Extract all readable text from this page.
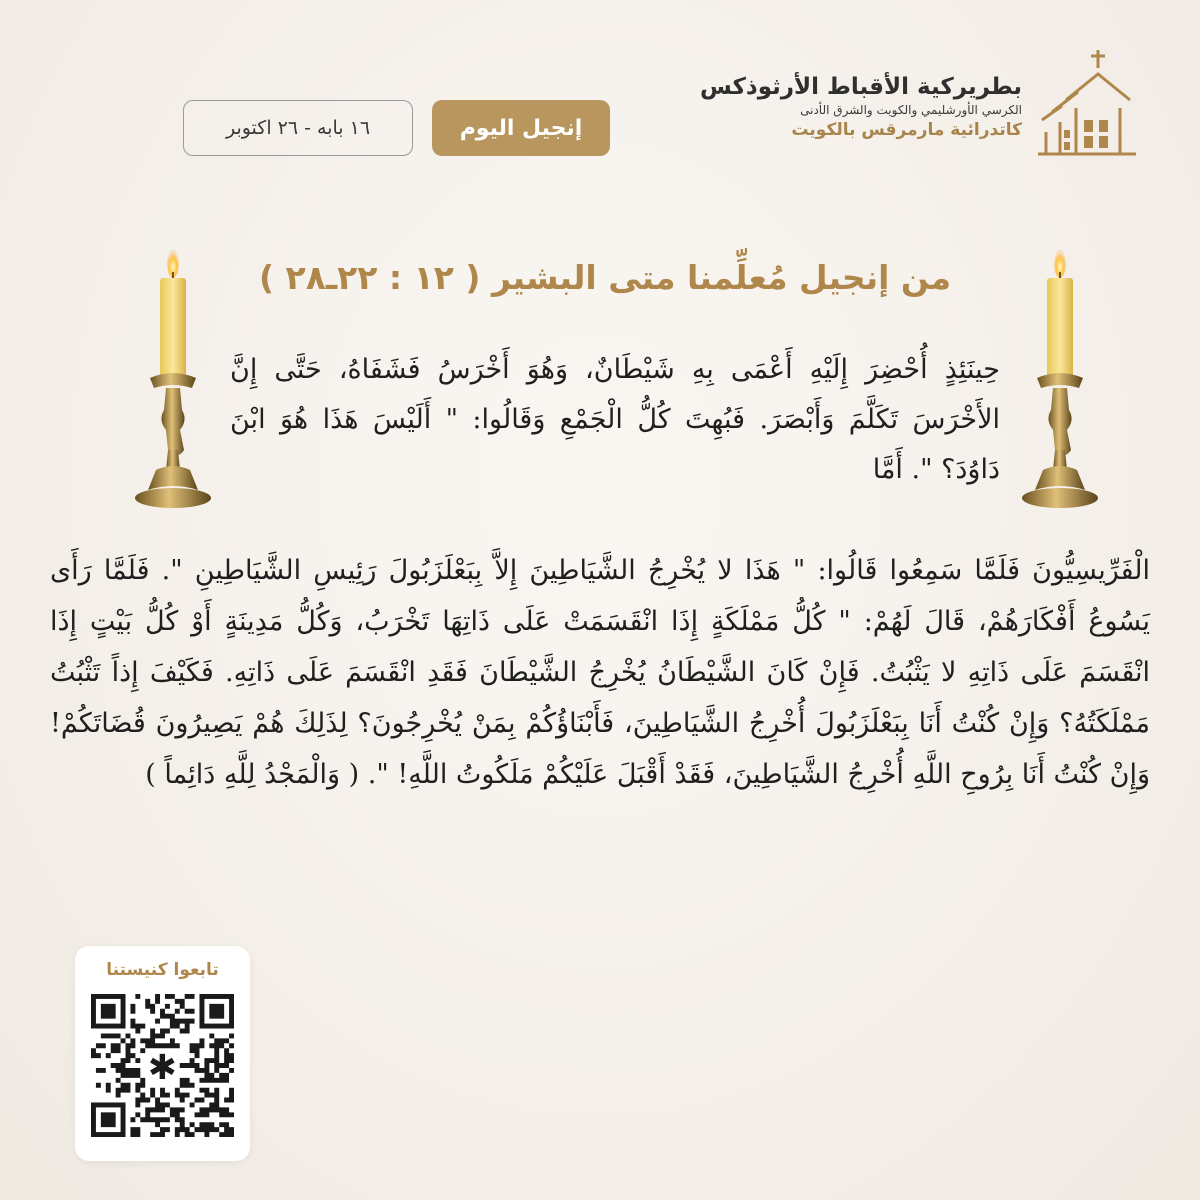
بطريركية الأقباط الأرثوذكس
الكرسي الأورشليمي والكويت والشرق الأدنى
كاتدرائية مارمرقس بالكويت
إنجيل اليوم
١٦ بابه - ٢٦ اكتوبر
من إنجيل مُعلِّمنا متى البشير ( ١٢ : ٢٢ـ٢٨ )
حِينَئِذٍ أُحْضِرَ إِلَيْهِ أَعْمَى بِهِ شَيْطَانٌ، وَهُوَ أَخْرَسُ فَشَفَاهُ، حَتَّى إِنَّ الأَخْرَسَ تَكَلَّمَ وَأَبْصَرَ. فَبُهِتَ كُلُّ الْجَمْعِ وَقَالُوا: " أَلَيْسَ هَذَا هُوَ ابْنَ دَاوُدَ؟ ". أَمَّا
الْفَرِّيسِيُّونَ فَلَمَّا سَمِعُوا قَالُوا: " هَذَا لا يُخْرِجُ الشَّيَاطِينَ إِلاَّ بِبَعْلَزَبُولَ رَئِيسِ الشَّيَاطِينِ ". فَلَمَّا رَأَى يَسُوعُ أَفْكَارَهُمْ، قَالَ لَهُمْ: " كُلُّ مَمْلَكَةٍ إِذَا انْقَسَمَتْ عَلَى ذَاتِهَا تَخْرَبُ، وَكُلُّ مَدِينَةٍ أَوْ كُلُّ بَيْتٍ إِذَا انْقَسَمَ عَلَى ذَاتِهِ لا يَثْبُتُ. فَإِنْ كَانَ الشَّيْطَانُ يُخْرِجُ الشَّيْطَانَ فَقَدِ انْقَسَمَ عَلَى ذَاتِهِ. فَكَيْفَ إِذاً تَثْبُتُ مَمْلَكَتُهُ؟ وَإِنْ كُنْتُ أَنَا بِبَعْلَزَبُولَ أُخْرِجُ الشَّيَاطِينَ، فَأَبْنَاؤُكُمْ بِمَنْ يُخْرِجُونَ؟ لِذَلِكَ هُمْ يَصِيرُونَ قُضَاتَكُمْ! وَإِنْ كُنْتُ أَنَا بِرُوحِ اللَّهِ أُخْرِجُ الشَّيَاطِينَ، فَقَدْ أَقْبَلَ عَلَيْكُمْ مَلَكُوتُ اللَّهِ! ". ( وَالْمَجْدُ لِلَّهِ دَائِماً )
تابعوا كنيستنا
✱
